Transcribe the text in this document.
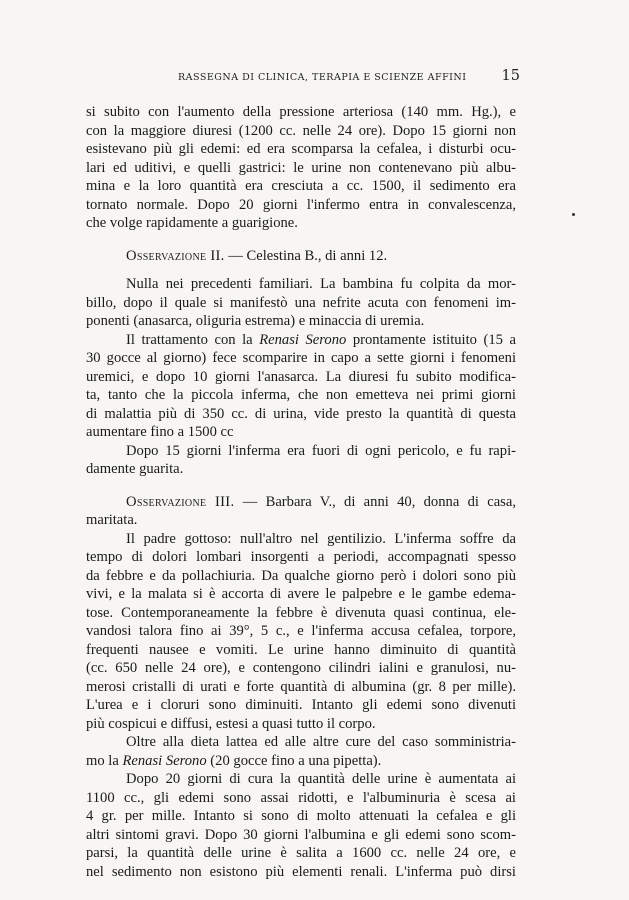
RASSEGNA DI CLINICA, TERAPIA E SCIENZE AFFINI 15
si subito con l'aumento della pressione arteriosa (140 mm. Hg.), e
con la maggiore diuresi (1200 cc. nelle 24 ore). Dopo 15 giorni non
esistevano più gli edemi: ed era scomparsa la cefalea, i disturbi ocu-
lari ed uditivi, e quelli gastrici: le urine non contenevano più albu-
mina e la loro quantità era cresciuta a cc. 1500, il sedimento era
tornato normale. Dopo 20 giorni l'infermo entra in convalescenza,
che volge rapidamente a guarigione.
Osservazione II. — Celestina B., di anni 12.
Nulla nei precedenti familiari. La bambina fu colpita da mor-
billo, dopo il quale si manifestò una nefrite acuta con fenomeni im-
ponenti (anasarca, oliguria estrema) e minaccia di uremia.
Il trattamento con la Renasi Serono prontamente istituito (15 a
30 gocce al giorno) fece scomparire in capo a sette giorni i fenomeni
uremici, e dopo 10 giorni l'anasarca. La diuresi fu subito modifica-
ta, tanto che la piccola inferma, che non emetteva nei primi giorni
di malattia più di 350 cc. di urina, vide presto la quantità di questa
aumentare fino a 1500 cc
Dopo 15 giorni l'inferma era fuori di ogni pericolo, e fu rapi-
damente guarita.
Osservazione III. — Barbara V., di anni 40, donna di casa,
maritata.
Il padre gottoso: null'altro nel gentilizio. L'inferma soffre da
tempo di dolori lombari insorgenti a periodi, accompagnati spesso
da febbre e da pollachiuria. Da qualche giorno però i dolori sono più
vivi, e la malata si è accorta di avere le palpebre e le gambe edema-
tose. Contemporaneamente la febbre è divenuta quasi continua, ele-
vandosi talora fino ai 39°, 5 c., e l'inferma accusa cefalea, torpore,
frequenti nausee e vomiti. Le urine hanno diminuito di quantità
(cc. 650 nelle 24 ore), e contengono cilindri ialini e granulosi, nu-
merosi cristalli di urati e forte quantità di albumina (gr. 8 per mille).
L'urea e i cloruri sono diminuiti. Intanto gli edemi sono divenuti
più cospicui e diffusi, estesi a quasi tutto il corpo.
Oltre alla dieta lattea ed alle altre cure del caso somministria-
mo la Renasi Serono (20 gocce fino a una pipetta).
Dopo 20 giorni di cura la quantità delle urine è aumentata ai
1100 cc., gli edemi sono assai ridotti, e l'albuminuria è scesa ai
4 gr. per mille. Intanto si sono di molto attenuati la cefalea e gli
altri sintomi gravi. Dopo 30 giorni l'albumina e gli edemi sono scom-
parsi, la quantità delle urine è salita a 1600 cc. nelle 24 ore, e
nel sedimento non esistono più elementi renali. L'inferma può dirsi
